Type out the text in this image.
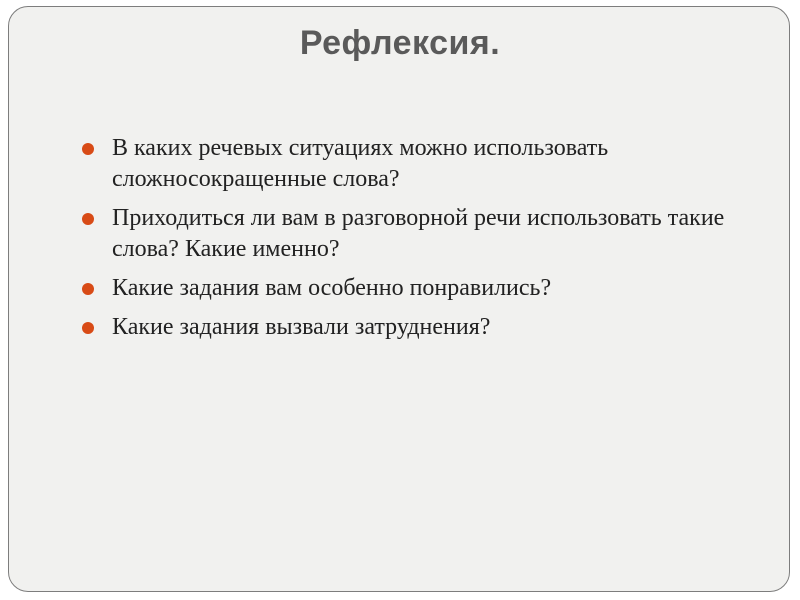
Рефлексия.
В каких речевых ситуациях можно использовать сложносокращенные слова?
Приходиться ли вам в разговорной речи использовать такие слова? Какие именно?
Какие задания вам особенно понравились?
Какие задания вызвали затруднения?
